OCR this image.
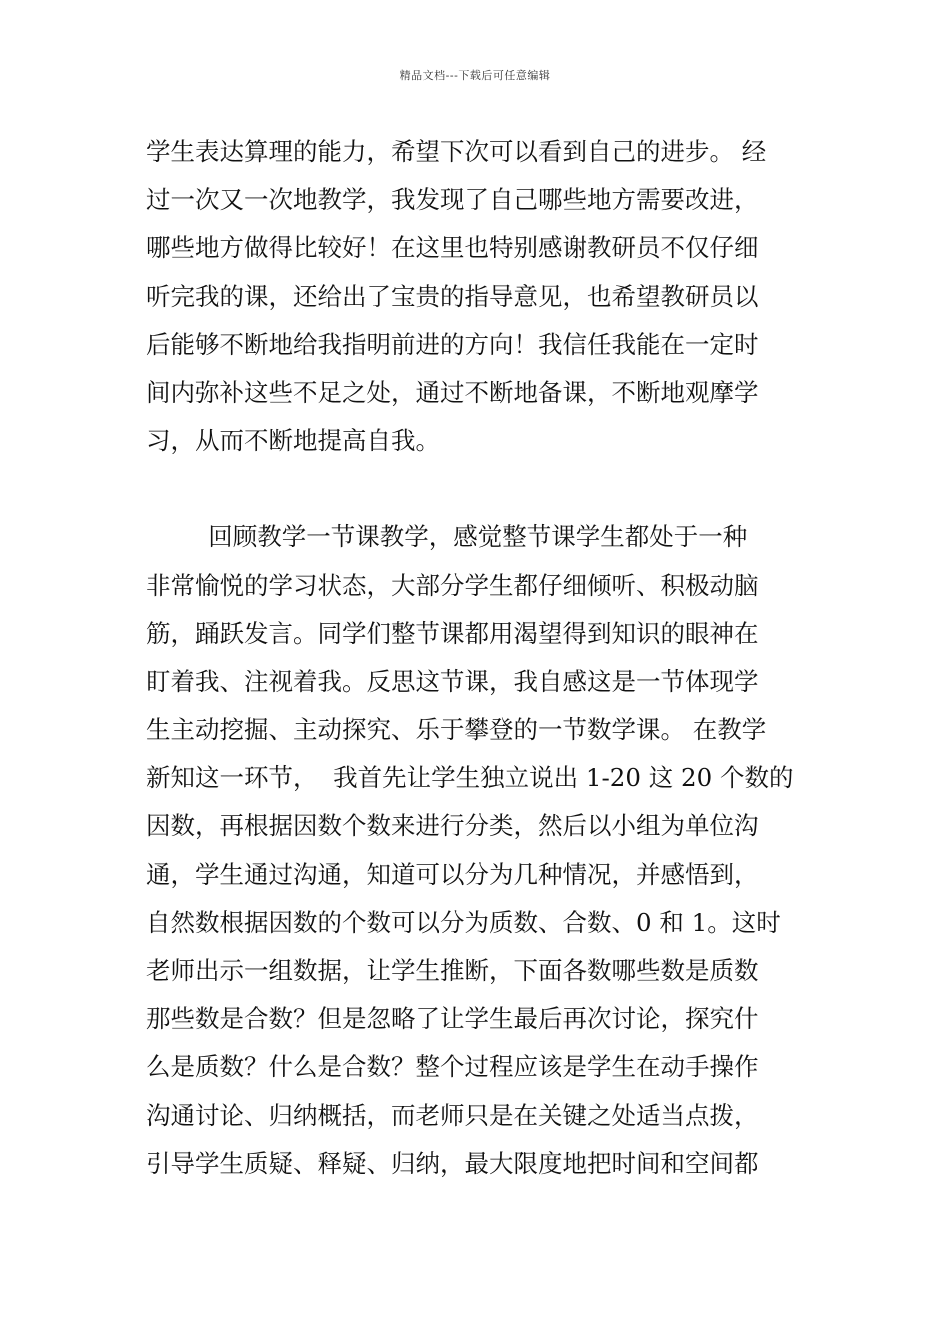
精品文档---下载后可任意编辑
学生表达算理的能力，希望下次可以看到自己的进步。 经
过一次又一次地教学，我发现了自己哪些地方需要改进，
哪些地方做得比较好！在这里也特别感谢教研员不仅仔细
听完我的课，还给出了宝贵的指导意见，也希望教研员以
后能够不断地给我指明前进的方向！我信任我能在一定时
间内弥补这些不足之处，通过不断地备课，不断地观摩学
习，从而不断地提高自我。
回顾教学一节课教学，感觉整节课学生都处于一种
非常愉悦的学习状态，大部分学生都仔细倾听、积极动脑
筋，踊跃发言。同学们整节课都用渴望得到知识的眼神在
盯着我、注视着我。反思这节课，我自感这是一节体现学
生主动挖掘、主动探究、乐于攀登的一节数学课。 在教学
新知这一环节，  我首先让学生独立说出 1-20 这 20 个数的
因数，再根据因数个数来进行分类，然后以小组为单位沟
通，学生通过沟通，知道可以分为几种情况，并感悟到，
自然数根据因数的个数可以分为质数、合数、0 和 1。这时
老师出示一组数据，让学生推断，下面各数哪些数是质数
那些数是合数？但是忽略了让学生最后再次讨论，探究什
么是质数？什么是合数？整个过程应该是学生在动手操作
沟通讨论、归纳概括，而老师只是在关键之处适当点拨，
引导学生质疑、释疑、归纳，最大限度地把时间和空间都
